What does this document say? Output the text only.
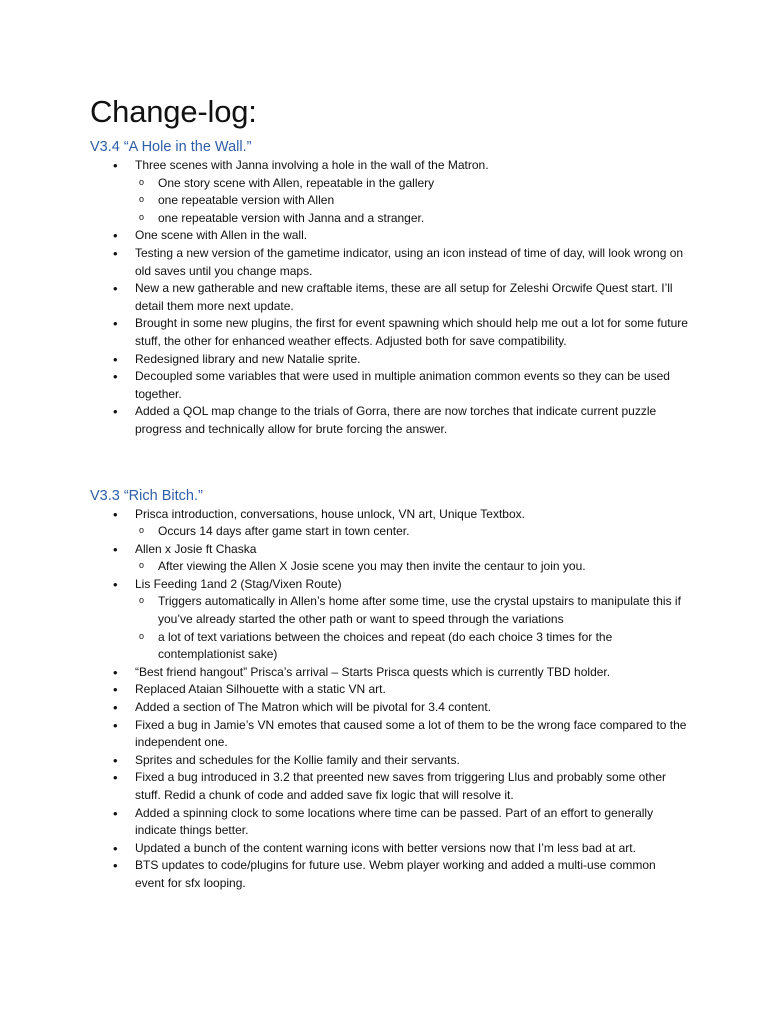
Change-log:
V3.4 “A Hole in the Wall.”
• Three scenes with Janna involving a hole in the wall of the Matron.
o One story scene with Allen, repeatable in the gallery
o one repeatable version with Allen
o one repeatable version with Janna and a stranger.
• One scene with Allen in the wall.
• Testing a new version of the gametime indicator, using an icon instead of time of day, will look wrong on old saves until you change maps.
• New a new gatherable and new craftable items, these are all setup for Zeleshi Orcwife Quest start. I’ll detail them more next update.
• Brought in some new plugins, the first for event spawning which should help me out a lot for some future stuff, the other for enhanced weather effects. Adjusted both for save compatibility.
• Redesigned library and new Natalie sprite.
• Decoupled some variables that were used in multiple animation common events so they can be used together.
• Added a QOL map change to the trials of Gorra, there are now torches that indicate current puzzle progress and technically allow for brute forcing the answer.
V3.3 “Rich Bitch.”
• Prisca introduction, conversations, house unlock, VN art, Unique Textbox.
o Occurs 14 days after game start in town center.
• Allen x Josie ft Chaska
o After viewing the Allen X Josie scene you may then invite the centaur to join you.
• Lis Feeding 1and 2 (Stag/Vixen Route)
o Triggers automatically in Allen’s home after some time, use the crystal upstairs to manipulate this if you’ve already started the other path or want to speed through the variations
o a lot of text variations between the choices and repeat (do each choice 3 times for the contemplationist sake)
• “Best friend hangout” Prisca’s arrival – Starts Prisca quests which is currently TBD holder.
• Replaced Ataian Silhouette with a static VN art.
• Added a section of The Matron which will be pivotal for 3.4 content.
• Fixed a bug in Jamie’s VN emotes that caused some a lot of them to be the wrong face compared to the independent one.
• Sprites and schedules for the Kollie family and their servants.
• Fixed a bug introduced in 3.2 that preented new saves from triggering Llus and probably some other stuff. Redid a chunk of code and added save fix logic that will resolve it.
• Added a spinning clock to some locations where time can be passed. Part of an effort to generally indicate things better.
• Updated a bunch of the content warning icons with better versions now that I’m less bad at art.
• BTS updates to code/plugins for future use. Webm player working and added a multi-use common event for sfx looping.
